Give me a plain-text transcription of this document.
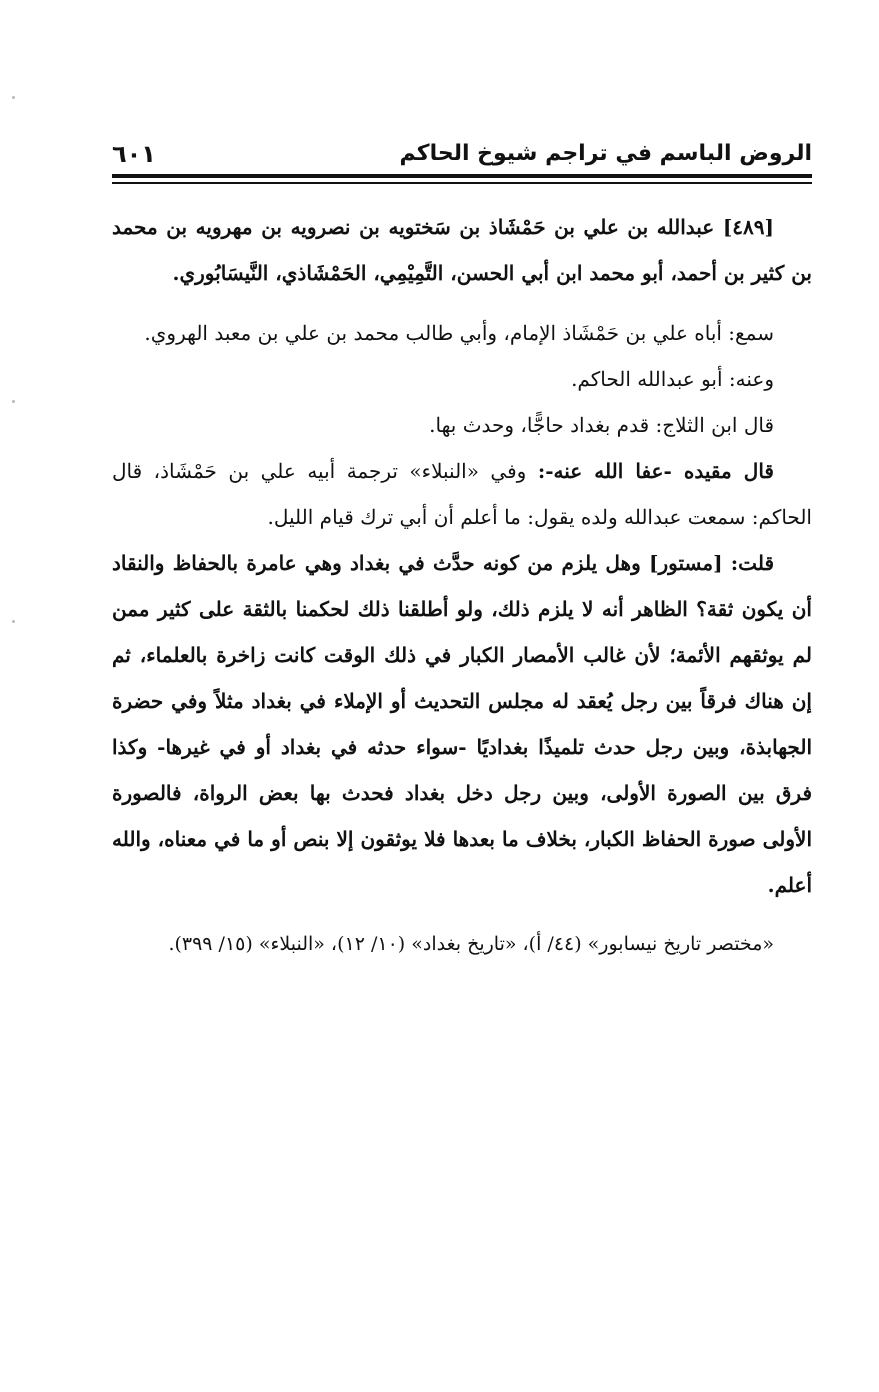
الروض الباسم في تراجم شيوخ الحاكم
٦٠١

[٤٨٩] عبدالله بن علي بن حَمْشَاذ بن سَختويه بن نصرويه بن مهرويه بن محمد بن كثير بن أحمد، أبو محمد ابن أبي الحسن، التَّمِيْمِي، الحَمْشَاذي، النَّيسَابُوري.

سمع: أباه علي بن حَمْشَاذ الإمام، وأبي طالب محمد بن علي بن معبد الهروي.

وعنه: أبو عبدالله الحاكم.

قال ابن الثلاج: قدم بغداد حاجًّا، وحدث بها.

قال مقيده -عفا الله عنه-: وفي «النبلاء» ترجمة أبيه علي بن حَمْشَاذ، قال الحاكم: سمعت عبدالله ولده يقول: ما أعلم أن أبي ترك قيام الليل.

قلت: [مستور] وهل يلزم من كونه حدَّث في بغداد وهي عامرة بالحفاظ والنقاد أن يكون ثقة؟ الظاهر أنه لا يلزم ذلك، ولو أطلقنا ذلك لحكمنا بالثقة على كثير ممن لم يوثقهم الأئمة؛ لأن غالب الأمصار الكبار في ذلك الوقت كانت زاخرة بالعلماء، ثم إن هناك فرقاً بين رجل يُعقد له مجلس التحديث أو الإملاء في بغداد مثلاً وفي حضرة الجهابذة، وبين رجل حدث تلميذًا بغداديًا -سواء حدثه في بغداد أو في غيرها- وكذا فرق بين الصورة الأولى، وبين رجل دخل بغداد فحدث بها بعض الرواة، فالصورة الأولى صورة الحفاظ الكبار، بخلاف ما بعدها فلا يوثقون إلا بنص أو ما في معناه، والله أعلم.

«مختصر تاريخ نيسابور» (٤٤/ أ)، «تاريخ بغداد» (١٠/ ١٢)، «النبلاء» (١٥/ ٣٩٩).
